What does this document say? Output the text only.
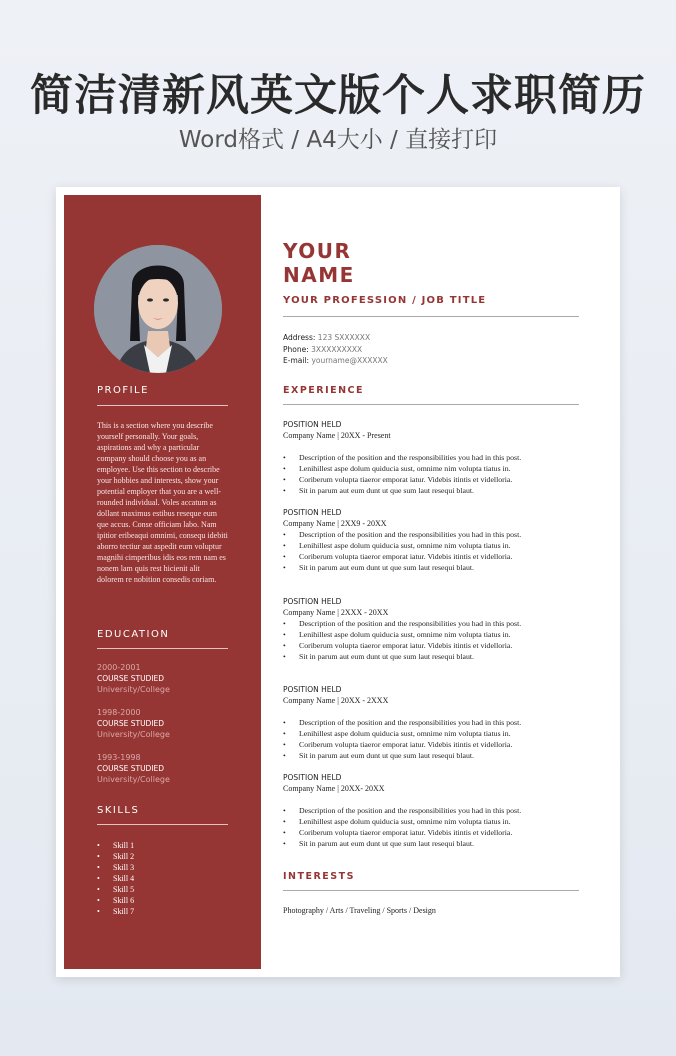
简洁清新风英文版个人求职简历
Word格式 / A4大小 / 直接打印
PROFILE
This is a section where you describe yourself personally. Your goals, aspirations and why a particular company should choose you as an employee. Use this section to describe your hobbies and interests, show your potential employer that you are a well-rounded individual. Voles accatum as dollant maximus estibus reseque eum que accus. Conse officiam labo. Nam ipitior eribeaqui omnimi, consequ idebiti aborro tectiur aut aspedit eum voluptur magnihi cimperibus idis eos rem nam es nonem lam quis rest hicienit alit dolorem re nobition consedis coriam.
EDUCATION
2000-2001
COURSE STUDIED
University/College
1998-2000
COURSE STUDIED
University/College
1993-1998
COURSE STUDIED
University/College
SKILLS
• Skill 1
• Skill 2
• Skill 3
• Skill 4
• Skill 5
• Skill 6
• Skill 7
YOUR
NAME
YOUR PROFESSION / JOB TITLE
Address: 123 SXXXXXX
Phone: 3XXXXXXXXX
E-mail: yourname@XXXXXX
EXPERIENCE
POSITION HELD
Company Name | 20XX - Present
• Description of the position and the responsibilities you had in this post.
• Lenihillest aspe dolum quiducia sust, omnime nim volupta tiatus in.
• Coriberum volupta tiaeror emporat iatur. Videbis itintis et videlloria.
• Sit in parum aut eum dunt ut que sum laut resequi blaut.
POSITION HELD
Company Name | 2XX9 - 20XX
• Description of the position and the responsibilities you had in this post.
• Lenihillest aspe dolum quiducia sust, omnime nim volupta tiatus in.
• Coriberum volupta tiaeror emporat iatur. Videbis itintis et videlloria.
• Sit in parum aut eum dunt ut que sum laut resequi blaut.
POSITION HELD
Company Name | 2XXX - 20XX
• Description of the position and the responsibilities you had in this post.
• Lenihillest aspe dolum quiducia sust, omnime nim volupta tiatus in.
• Coriberum volupta tiaeror emporat iatur. Videbis itintis et videlloria.
• Sit in parum aut eum dunt ut que sum laut resequi blaut.
POSITION HELD
Company Name | 20XX - 2XXX
• Description of the position and the responsibilities you had in this post.
• Lenihillest aspe dolum quiducia sust, omnime nim volupta tiatus in.
• Coriberum volupta tiaeror emporat iatur. Videbis itintis et videlloria.
• Sit in parum aut eum dunt ut que sum laut resequi blaut.
POSITION HELD
Company Name | 20XX- 20XX
• Description of the position and the responsibilities you had in this post.
• Lenihillest aspe dolum quiducia sust, omnime nim volupta tiatus in.
• Coriberum volupta tiaeror emporat iatur. Videbis itintis et videlloria.
• Sit in parum aut eum dunt ut que sum laut resequi blaut.
INTERESTS
Photography / Arts / Traveling / Sports / Design
